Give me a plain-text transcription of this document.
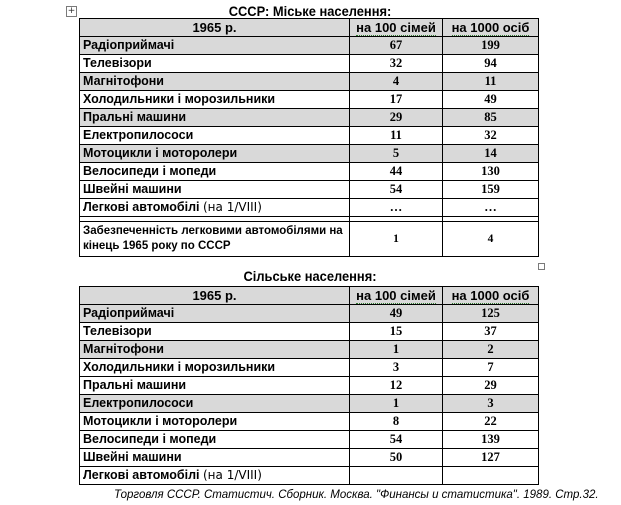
+	СССР: Міське населення:
1965 р.	на 100 сімей	на 1000 осіб
Радіоприймачі	67	199
Телевізори	32	94
Магнітофони	4	11
Холодильники і морозильники	17	49
Пральні машини	29	85
Електропилососи	11	32
Мотоцикли і моторолери	5	14
Велосипеди і мопеди	44	130
Швейні машини	54	159
Легкові автомобілі (на 1/VIII)	…	…

Забезпеченність легковими автомобілями на кінець 1965 року по СССР	1	4
Сільське населення:
1965 р.	на 100 сімей	на 1000 осіб
Радіоприймачі	49	125
Телевізори	15	37
Магнітофони	1	2
Холодильники і морозильники	3	7
Пральні машини	12	29
Електропилососи	1	3
Мотоцикли і моторолери	8	22
Велосипеди і мопеди	54	139
Швейні машини	50	127
Легкові автомобілі (на 1/VIII)		
Торговля СССР. Статистич. Сборник. Москва. "Финансы и статистика". 1989. Стр.32.
